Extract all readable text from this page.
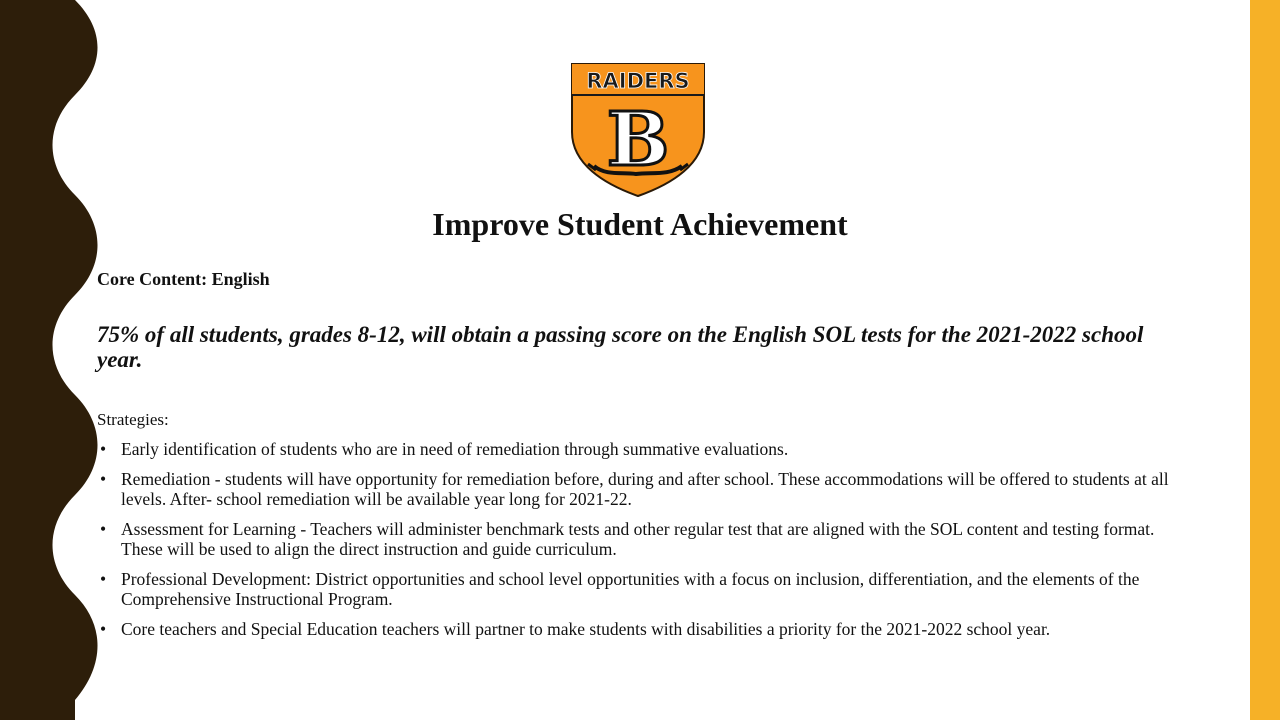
RAIDERS
B
Improve Student Achievement
Core Content: English
75% of all students, grades 8-12, will obtain a passing score on the English SOL tests for the 2021-2022 school year.
Strategies:
• Early identification of students who are in need of remediation through summative evaluations.
• Remediation - students will have opportunity for remediation before, during and after school. These accommodations will be offered to students at all levels. After- school remediation will be available year long for 2021-22.
• Assessment for Learning - Teachers will administer benchmark tests and other regular test that are aligned with the SOL content and testing format. These will be used to align the direct instruction and guide curriculum.
• Professional Development: District opportunities and school level opportunities with a focus on inclusion, differentiation, and the elements of the Comprehensive Instructional Program.
• Core teachers and Special Education teachers will partner to make students with disabilities a priority for the 2021-2022 school year.
